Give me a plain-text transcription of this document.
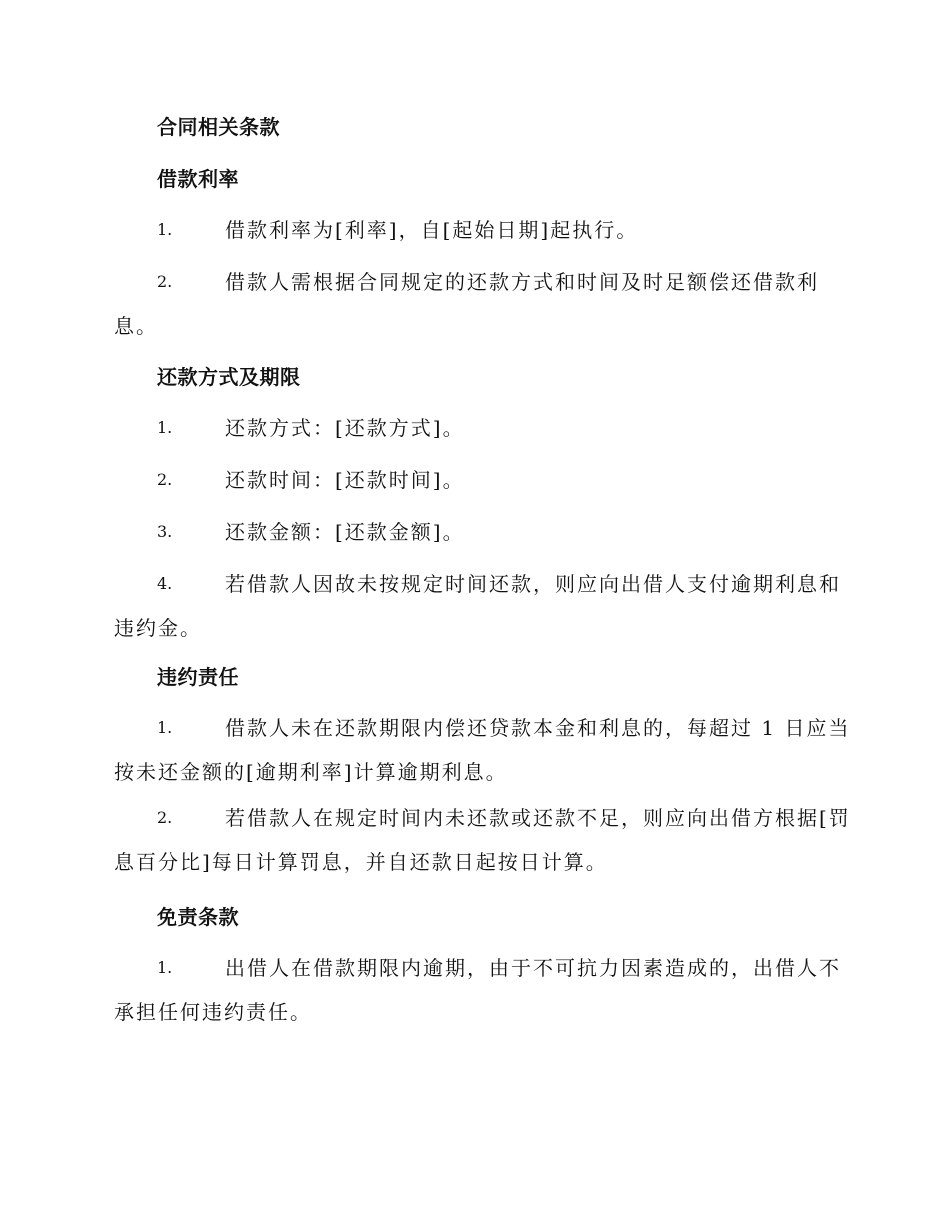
合同相关条款
借款利率
1.	借款利率为[利率]，自[起始日期]起执行。
2.	借款人需根据合同规定的还款方式和时间及时足额偿还借款利
息。
还款方式及期限
1.	还款方式：[还款方式]。
2.	还款时间：[还款时间]。
3.	还款金额：[还款金额]。
4.	若借款人因故未按规定时间还款，则应向出借人支付逾期利息和
违约金。
违约责任
1.	借款人未在还款期限内偿还贷款本金和利息的，每超过 1 日应当
按未还金额的[逾期利率]计算逾期利息。
2.	若借款人在规定时间内未还款或还款不足，则应向出借方根据[罚
息百分比]每日计算罚息，并自还款日起按日计算。
免责条款
1.	出借人在借款期限内逾期，由于不可抗力因素造成的，出借人不
承担任何违约责任。
